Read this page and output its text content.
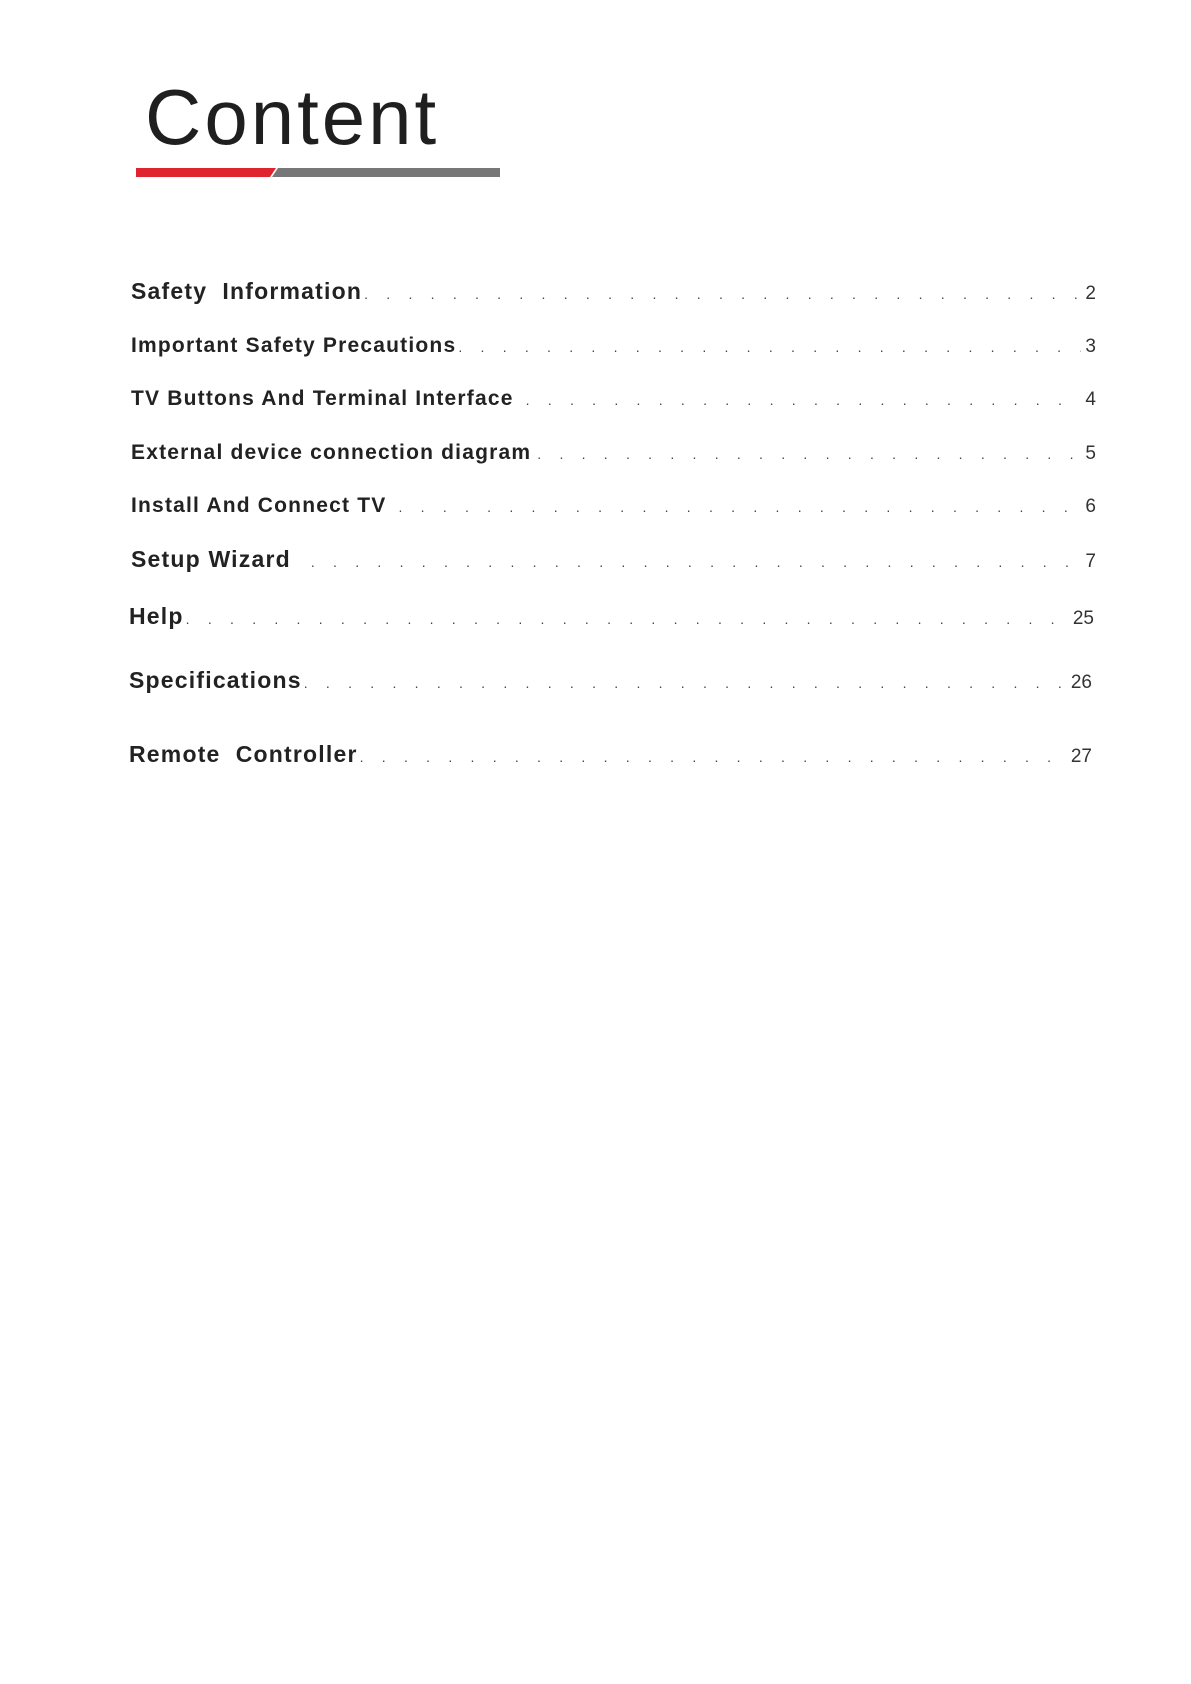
Content
Safety  Information . . .	2
Important Safety Precautions . . .	3
TV Buttons And Terminal Interface . . .	4
External device connection diagram . . .	5
Install And Connect TV . . .	6
Setup Wizard . . .	7
Help . . .	25
Specifications . . .	26
Remote  Controller . . .	27
